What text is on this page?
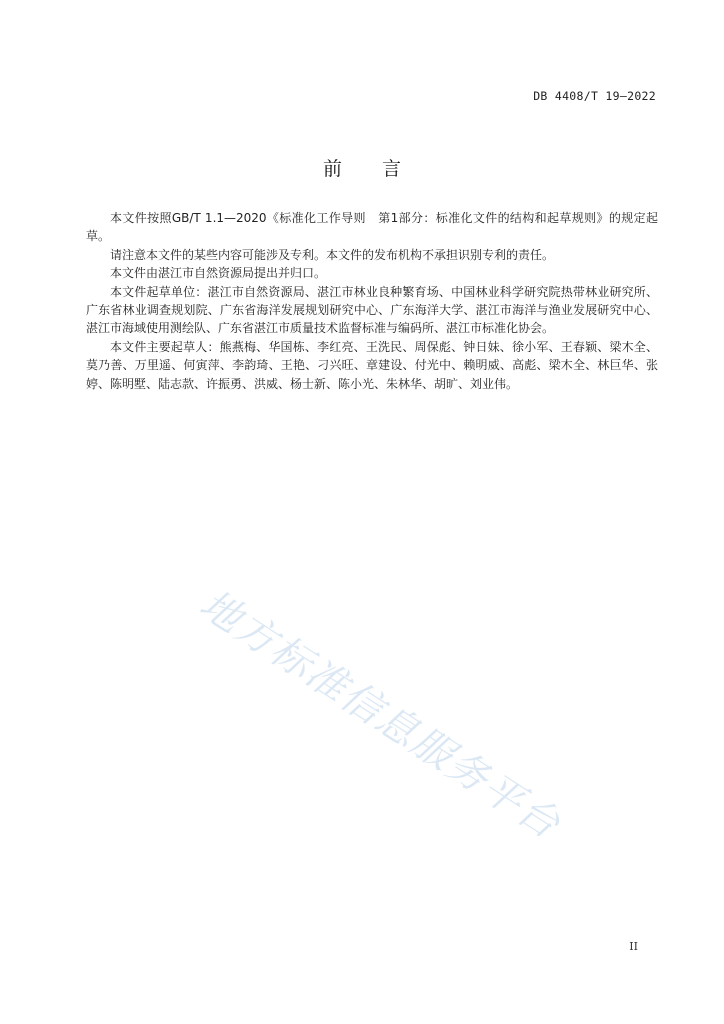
DB 4408/T 19—2022
前言

本文件按照GB/T 1.1—2020《标准化工作导则　第1部分：标准化文件的结构和起草规则》的规定起草。

请注意本文件的某些内容可能涉及专利。本文件的发布机构不承担识别专利的责任。

本文件由湛江市自然资源局提出并归口。

本文件起草单位：湛江市自然资源局、湛江市林业良种繁育场、中国林业科学研究院热带林业研究所、广东省林业调查规划院、广东省海洋发展规划研究中心、广东海洋大学、湛江市海洋与渔业发展研究中心、湛江市海域使用测绘队、广东省湛江市质量技术监督标准与编码所、湛江市标准化协会。

本文件主要起草人：熊燕梅、华国栋、李红亮、王洗民、周保彪、钟日妹、徐小军、王春颖、梁木全、莫乃善、万里遥、何寅萍、李韵琦、王艳、刁兴旺、章建设、付光中、赖明威、高彪、梁木全、林巨华、张婷、陈明墅、陆志款、许振勇、洪威、杨士新、陈小光、朱林华、胡旷、刘业伟。

地方标准信息服务平台
II
